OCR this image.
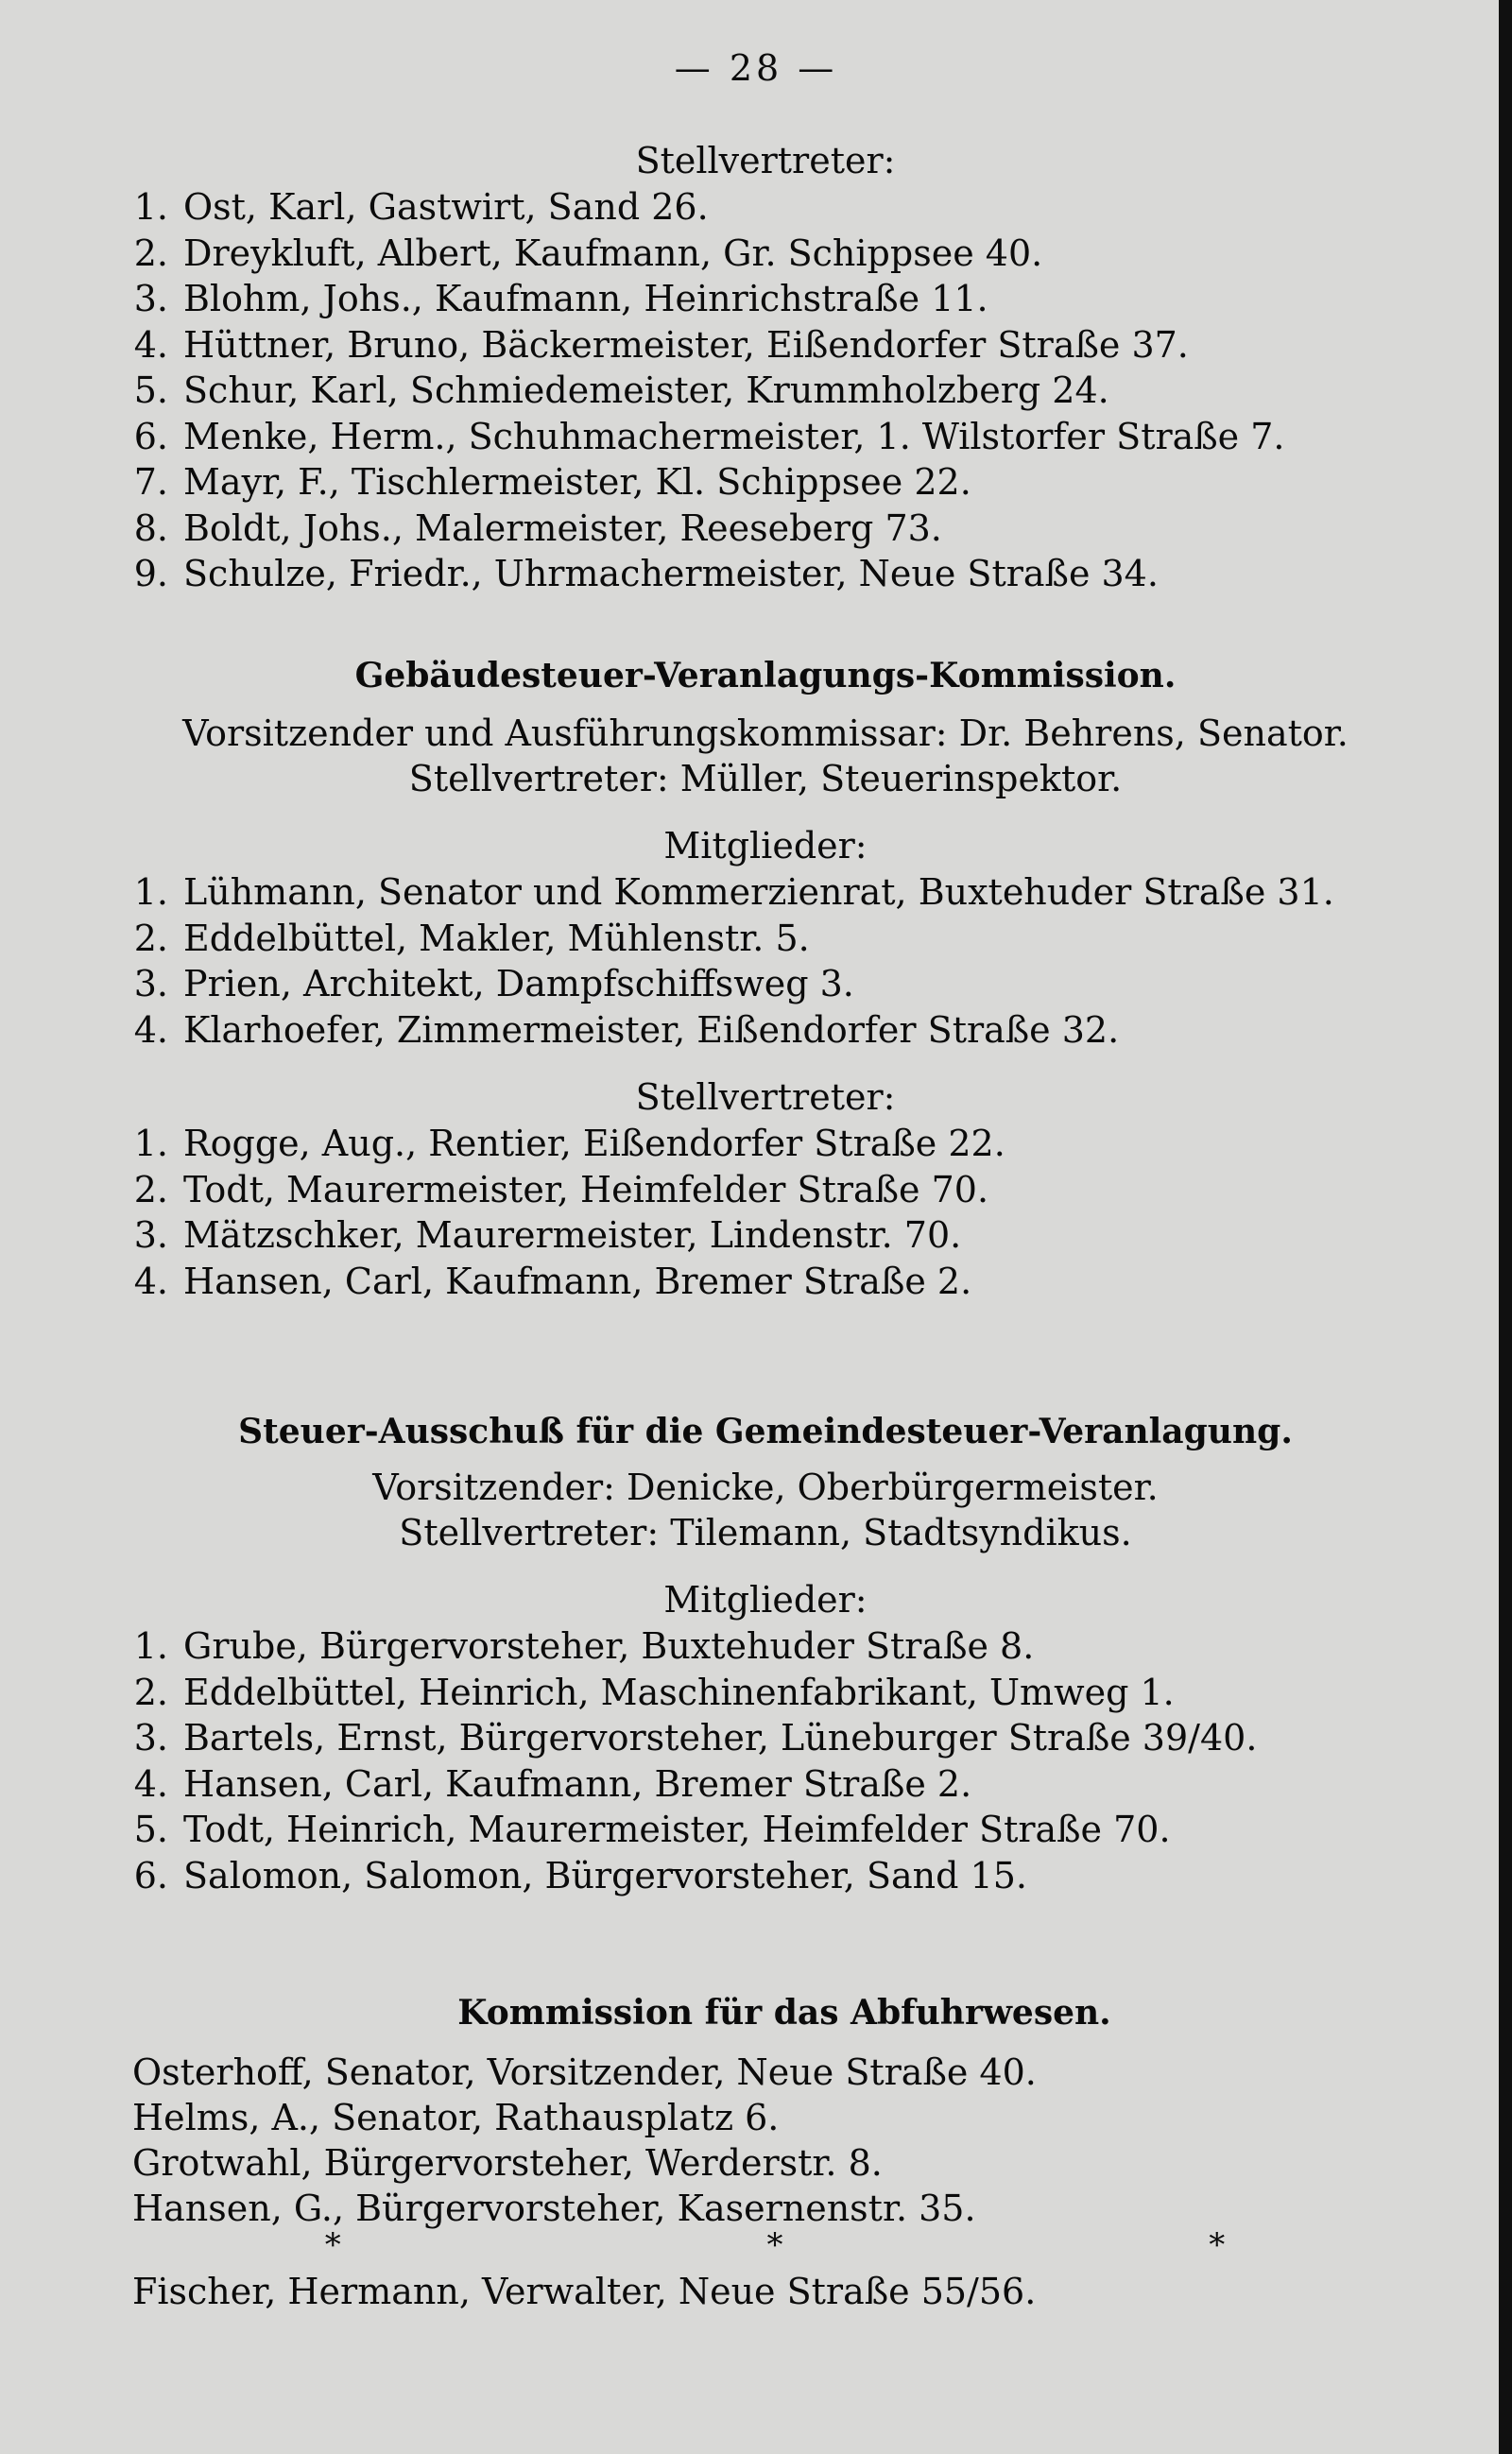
— 28 —

Stellvertreter:

1. Ost, Karl, Gastwirt, Sand 26.
2. Dreykluft, Albert, Kaufmann, Gr. Schippsee 40.
3. Blohm, Johs., Kaufmann, Heinrichstraße 11.
4. Hüttner, Bruno, Bäckermeister, Eißendorfer Straße 37.
5. Schur, Karl, Schmiedemeister, Krummholzberg 24.
6. Menke, Herm., Schuhmachermeister, 1. Wilstorfer Straße 7.
7. Mayr, F., Tischlermeister, Kl. Schippsee 22.
8. Boldt, Johs., Malermeister, Reeseberg 73.
9. Schulze, Friedr., Uhrmachermeister, Neue Straße 34.

Gebäudesteuer-Veranlagungs-Kommission.

Vorsitzender und Ausführungskommissar: Dr. Behrens, Senator.
Stellvertreter: Müller, Steuerinspektor.

Mitglieder:

1. Lühmann, Senator und Kommerzienrat, Buxtehuder Straße 31.
2. Eddelbüttel, Makler, Mühlenstr. 5.
3. Prien, Architekt, Dampfschiffsweg 3.
4. Klarhoefer, Zimmermeister, Eißendorfer Straße 32.

Stellvertreter:

1. Rogge, Aug., Rentier, Eißendorfer Straße 22.
2. Todt, Maurermeister, Heimfelder Straße 70.
3. Mätzschker, Maurermeister, Lindenstr. 70.
4. Hansen, Carl, Kaufmann, Bremer Straße 2.

Steuer-Ausschuß für die Gemeindesteuer-Veranlagung.

Vorsitzender: Denicke, Oberbürgermeister.
Stellvertreter: Tilemann, Stadtsyndikus.

Mitglieder:

1. Grube, Bürgervorsteher, Buxtehuder Straße 8.
2. Eddelbüttel, Heinrich, Maschinenfabrikant, Umweg 1.
3. Bartels, Ernst, Bürgervorsteher, Lüneburger Straße 39/40.
4. Hansen, Carl, Kaufmann, Bremer Straße 2.
5. Todt, Heinrich, Maurermeister, Heimfelder Straße 70.
6. Salomon, Salomon, Bürgervorsteher, Sand 15.

Kommission für das Abfuhrwesen.

Osterhoff, Senator, Vorsitzender, Neue Straße 40.
Helms, A., Senator, Rathausplatz 6.
Grotwahl, Bürgervorsteher, Werderstr. 8.
Hansen, G., Bürgervorsteher, Kasernenstr. 35.
* * *
Fischer, Hermann, Verwalter, Neue Straße 55/56.
